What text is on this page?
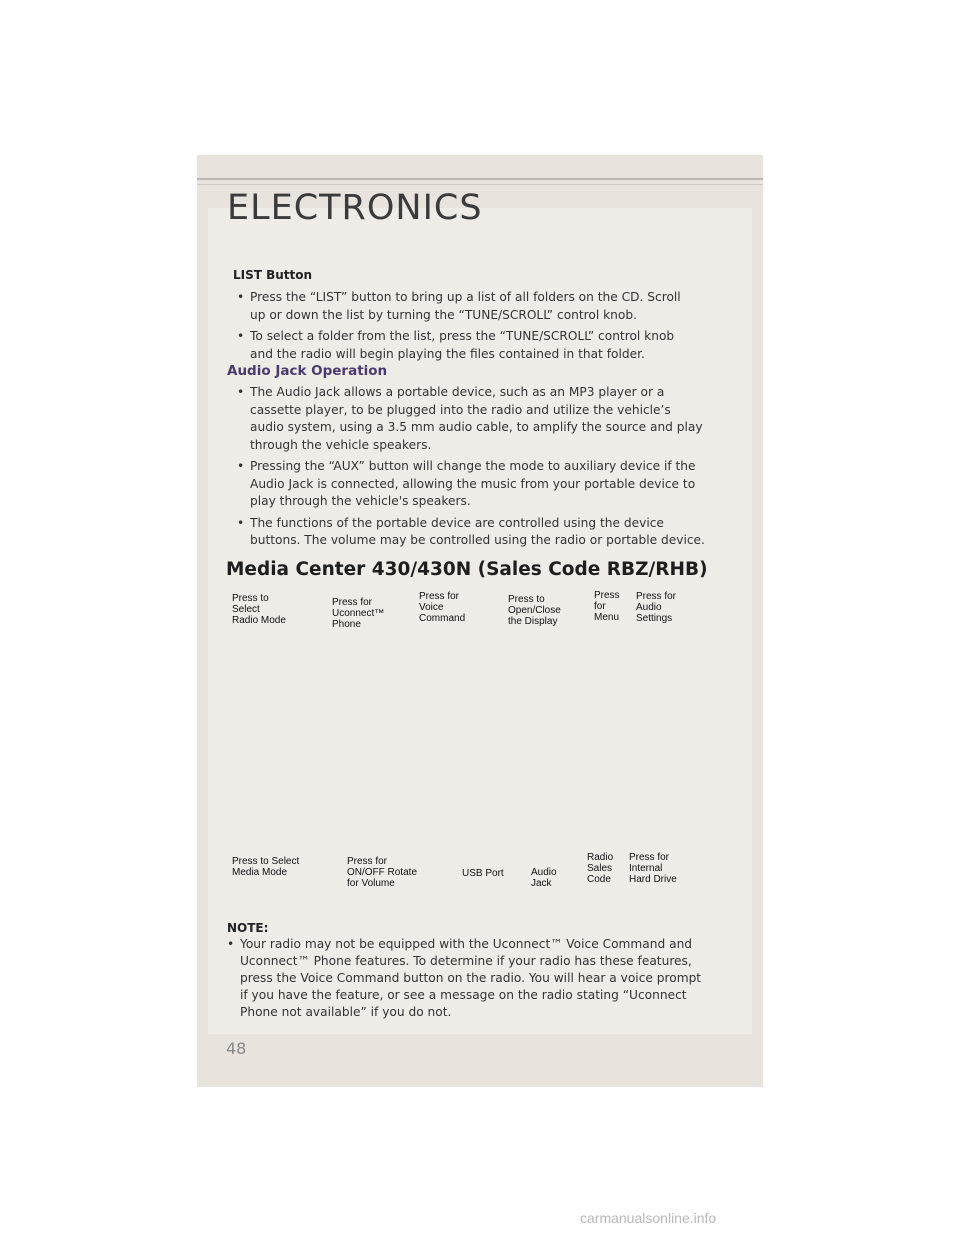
ELECTRONICS
LIST Button
• Press the “LIST” button to bring up a list of all folders on the CD. Scroll up or down the list by turning the “TUNE/SCROLL” control knob.
• To select a folder from the list, press the “TUNE/SCROLL” control knob and the radio will begin playing the files contained in that folder.
Audio Jack Operation
• The Audio Jack allows a portable device, such as an MP3 player or a cassette player, to be plugged into the radio and utilize the vehicle’s audio system, using a 3.5 mm audio cable, to amplify the source and play through the vehicle speakers.
• Pressing the “AUX” button will change the mode to auxiliary device if the Audio Jack is connected, allowing the music from your portable device to play through the vehicle's speakers.
• The functions of the portable device are controlled using the device buttons. The volume may be controlled using the radio or portable device.
Media Center 430/430N (Sales Code RBZ/RHB)
Press to
Select
Radio Mode
Press for
Uconnect™
Phone
Press for
Voice
Command
Press to
Open/Close
the Display
Press
for
Menu
Press for
Audio
Settings
Press to Select
Media Mode
Press for
ON/OFF Rotate
for Volume
USB Port	Audio
Jack
Radio
Sales
Code
Press for
Internal
Hard Drive
NOTE:
• Your radio may not be equipped with the Uconnect™ Voice Command and Uconnect™ Phone features. To determine if your radio has these features, press the Voice Command button on the radio. You will hear a voice prompt if you have the feature, or see a message on the radio stating “Uconnect Phone not available” if you do not.
48
carmanualsonline.info
